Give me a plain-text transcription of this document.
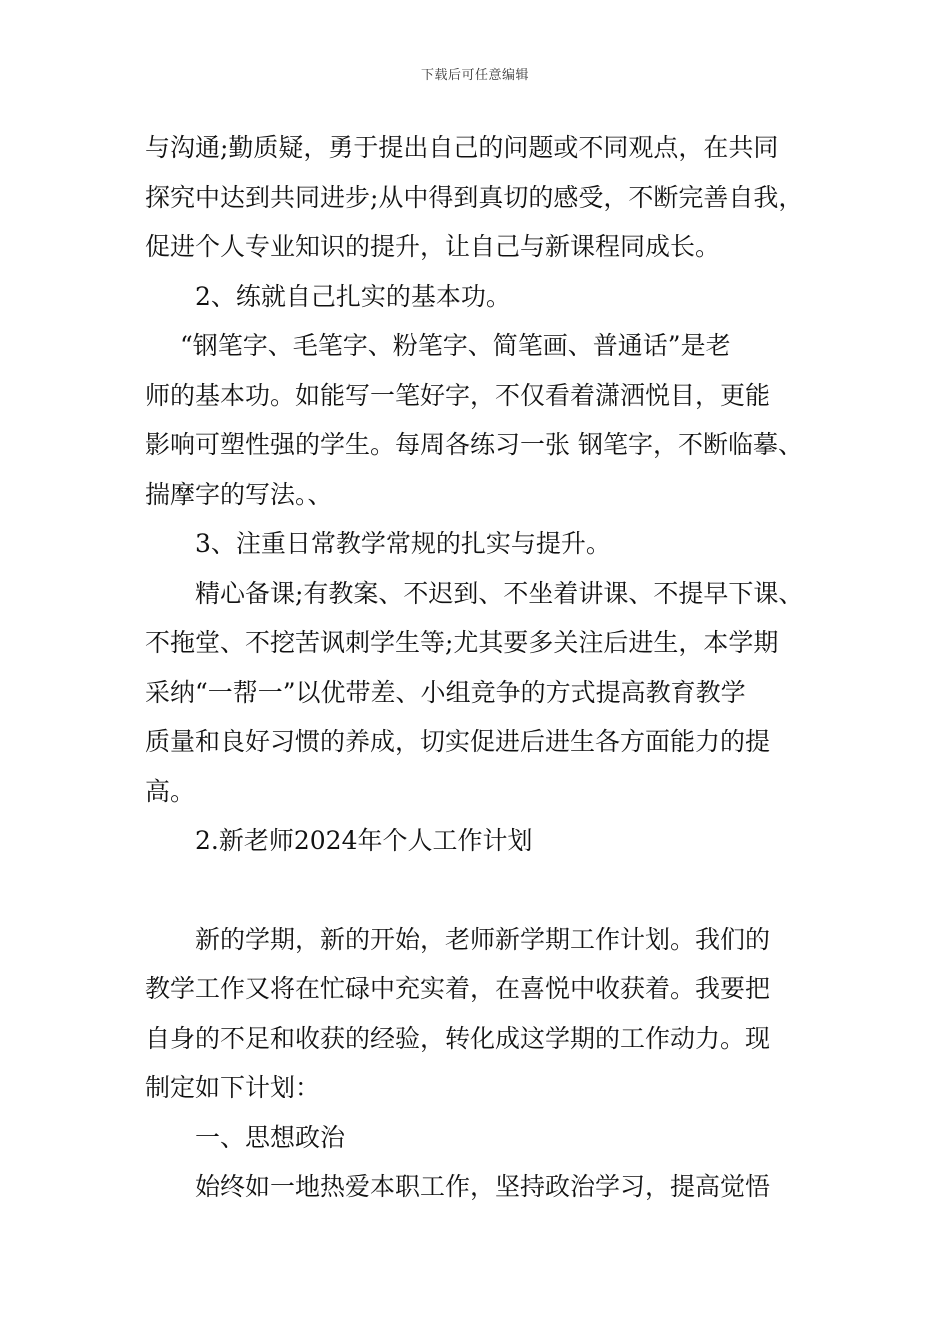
下载后可任意编辑
与沟通;勤质疑，勇于提出自己的问题或不同观点，在共同
探究中达到共同进步;从中得到真切的感受，不断完善自我，
促进个人专业知识的提升，让自己与新课程同成长。
2、练就自己扎实的基本功。
“钢笔字、毛笔字、粉笔字、简笔画、普通话”是老
师的基本功。如能写一笔好字，不仅看着潇洒悦目，更能
影响可塑性强的学生。每周各练习一张 钢笔字，不断临摹、
揣摩字的写法。、
3、注重日常教学常规的扎实与提升。
精心备课;有教案、不迟到、不坐着讲课、不提早下课、
不拖堂、不挖苦讽刺学生等;尤其要多关注后进生，本学期
采纳“一帮一”以优带差、小组竞争的方式提高教育教学
质量和良好习惯的养成，切实促进后进生各方面能力的提
高。
2.新老师2024年个人工作计划
新的学期，新的开始，老师新学期工作计划。我们的
教学工作又将在忙碌中充实着，在喜悦中收获着。我要把
自身的不足和收获的经验，转化成这学期的工作动力。现
制定如下计划：
一、思想政治
始终如一地热爱本职工作，坚持政治学习，提高觉悟
